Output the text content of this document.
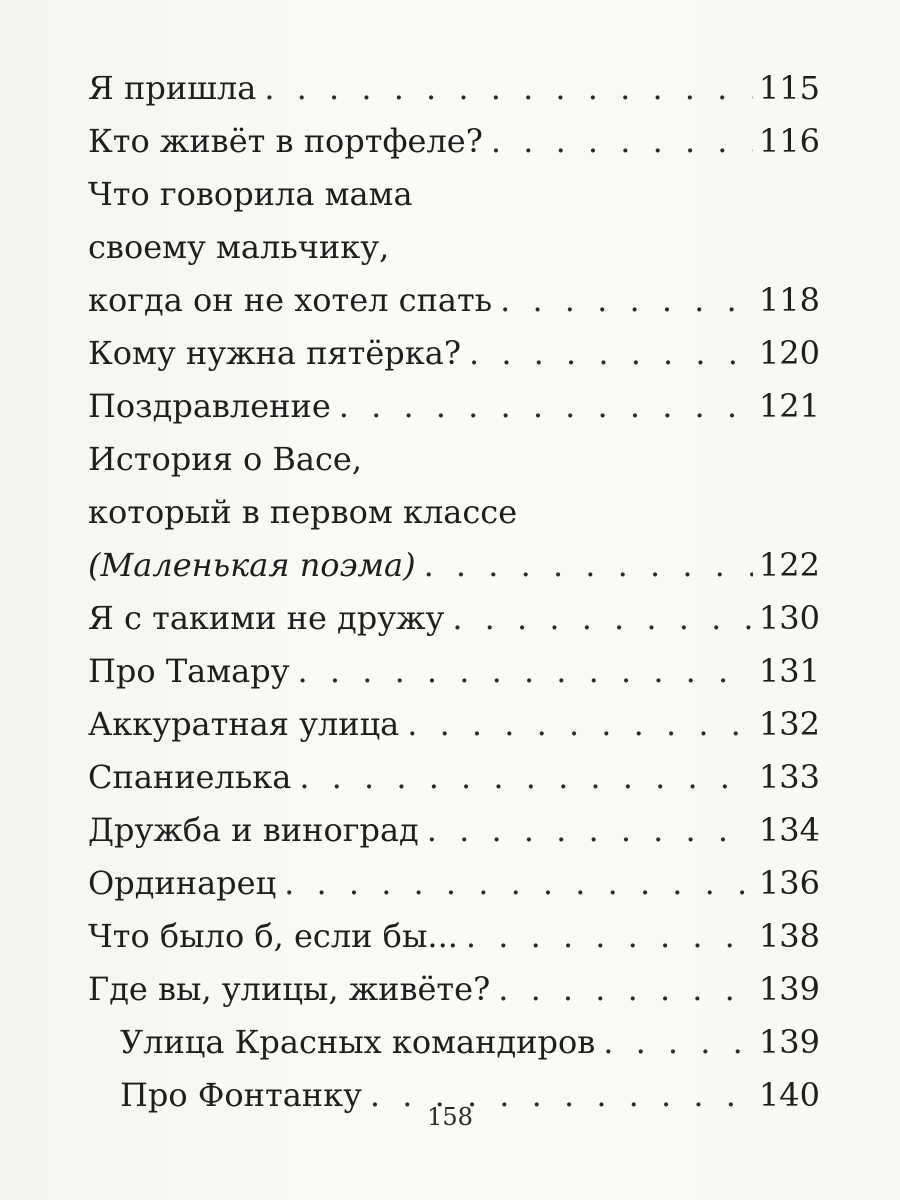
Я пришла . . .	115
Кто живёт в портфеле? . . .	116
Что говорила мама
своему мальчику,
когда он не хотел спать . . .	118
Кому нужна пятёрка? . . .	120
Поздравление . . .	121
История о Васе,
который в первом классе
(Маленькая поэма) . . .	122
Я с такими не дружу . . .	130
Про Тамару . . .	131
Аккуратная улица . . .	132
Спаниелька . . .	133
Дружба и виноград . . .	134
Ординарец . . .	136
Что было б, если бы... . . .	138
Где вы, улицы, живёте? . . .	139
Улица Красных командиров . . .	139
Про Фонтанку . . .	140
158
